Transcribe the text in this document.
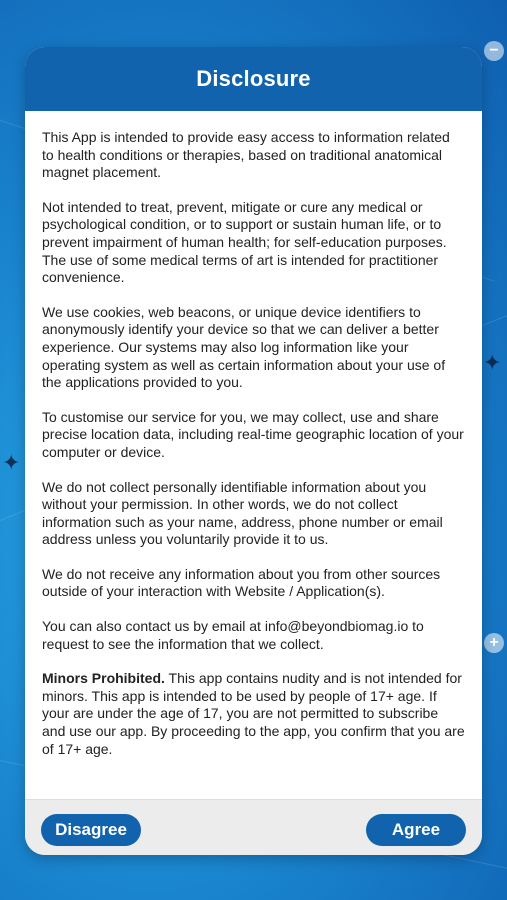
✦
✦
−
+
Disclosure

This App is intended to provide easy access to information related to health conditions or therapies, based on traditional anatomical magnet placement.

Not intended to treat, prevent, mitigate or cure any medical or psychological condition, or to support or sustain human life, or to prevent impairment of human health; for self-education purposes. The use of some medical terms of art is intended for practitioner convenience.

We use cookies, web beacons, or unique device identifiers to anonymously identify your device so that we can deliver a better experience. Our systems may also log information like your operating system as well as certain information about your use of the applications provided to you.

To customise our service for you, we may collect, use and share precise location data, including real-time geographic location of your computer or device.

We do not collect personally identifiable information about you without your permission. In other words, we do not collect information such as your name, address, phone number or email address unless you voluntarily provide it to us.

We do not receive any information about you from other sources outside of your interaction with Website / Application(s).

You can also contact us by email at info@beyondbiomag.io to request to see the information that we collect.

Minors Prohibited. This app contains nudity and is not intended for minors. This app is intended to be used by people of 17+ age. If your are under the age of 17, you are not permitted to subscribe and use our app. By proceeding to the app, you confirm that you are of 17+ age.

Disagree	Agree
